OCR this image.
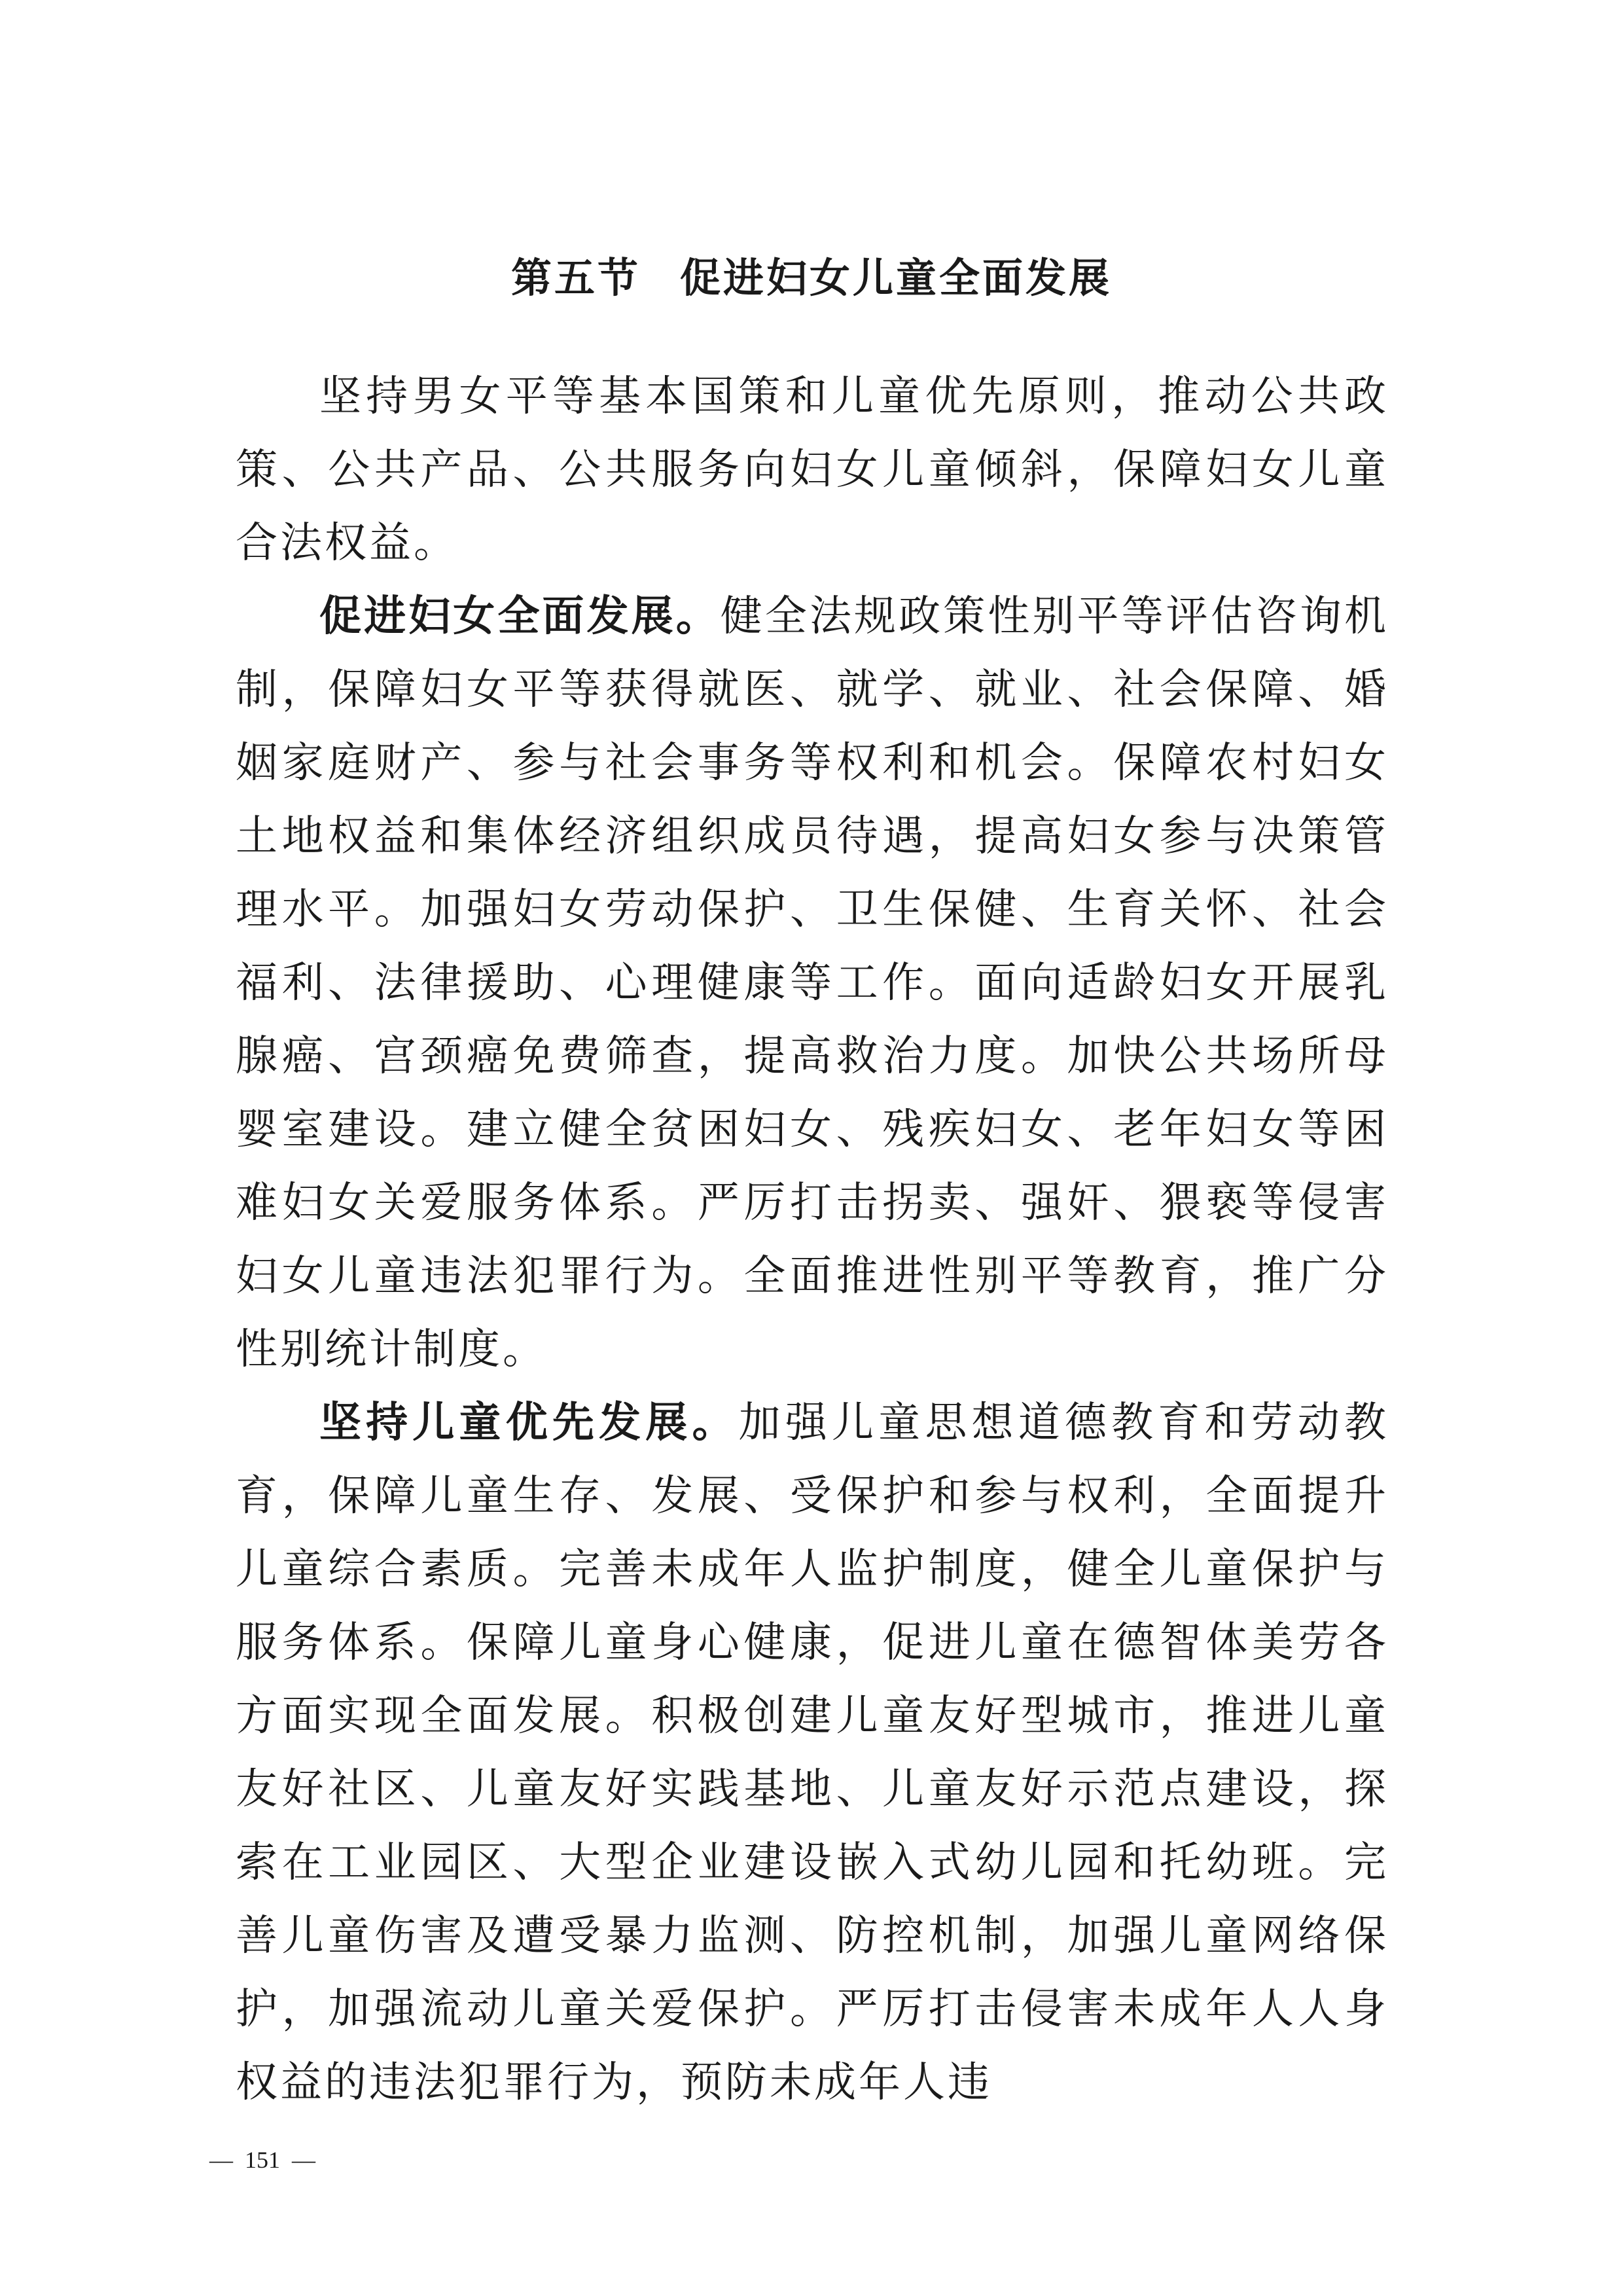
第五节 促进妇女儿童全面发展

坚持男女平等基本国策和儿童优先原则，推动公共政策、公共产品、公共服务向妇女儿童倾斜，保障妇女儿童合法权益。

促进妇女全面发展。健全法规政策性别平等评估咨询机制，保障妇女平等获得就医、就学、就业、社会保障、婚姻家庭财产、参与社会事务等权利和机会。保障农村妇女土地权益和集体经济组织成员待遇，提高妇女参与决策管理水平。加强妇女劳动保护、卫生保健、生育关怀、社会福利、法律援助、心理健康等工作。面向适龄妇女开展乳腺癌、宫颈癌免费筛查，提高救治力度。加快公共场所母婴室建设。建立健全贫困妇女、残疾妇女、老年妇女等困难妇女关爱服务体系。严厉打击拐卖、强奸、猥亵等侵害妇女儿童违法犯罪行为。全面推进性别平等教育，推广分性别统计制度。

坚持儿童优先发展。加强儿童思想道德教育和劳动教育，保障儿童生存、发展、受保护和参与权利，全面提升儿童综合素质。完善未成年人监护制度，健全儿童保护与服务体系。保障儿童身心健康，促进儿童在德智体美劳各方面实现全面发展。积极创建儿童友好型城市，推进儿童友好社区、儿童友好实践基地、儿童友好示范点建设，探索在工业园区、大型企业建设嵌入式幼儿园和托幼班。完善儿童伤害及遭受暴力监测、防控机制，加强儿童网络保护，加强流动儿童关爱保护。严厉打击侵害未成年人人身权益的违法犯罪行为，预防未成年人违

—  151  —
